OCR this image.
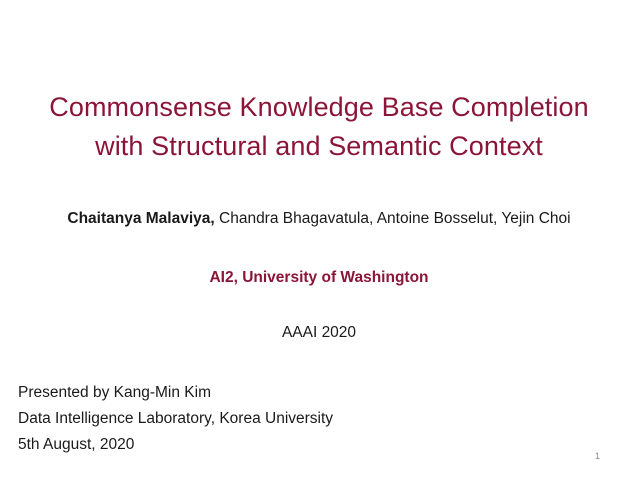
Commonsense Knowledge Base Completion
with Structural and Semantic Context
Chaitanya Malaviya, Chandra Bhagavatula, Antoine Bosselut, Yejin Choi
AI2, University of Washington
AAAI 2020
Presented by Kang-Min Kim
Data Intelligence Laboratory, Korea University
5th August, 2020
1
